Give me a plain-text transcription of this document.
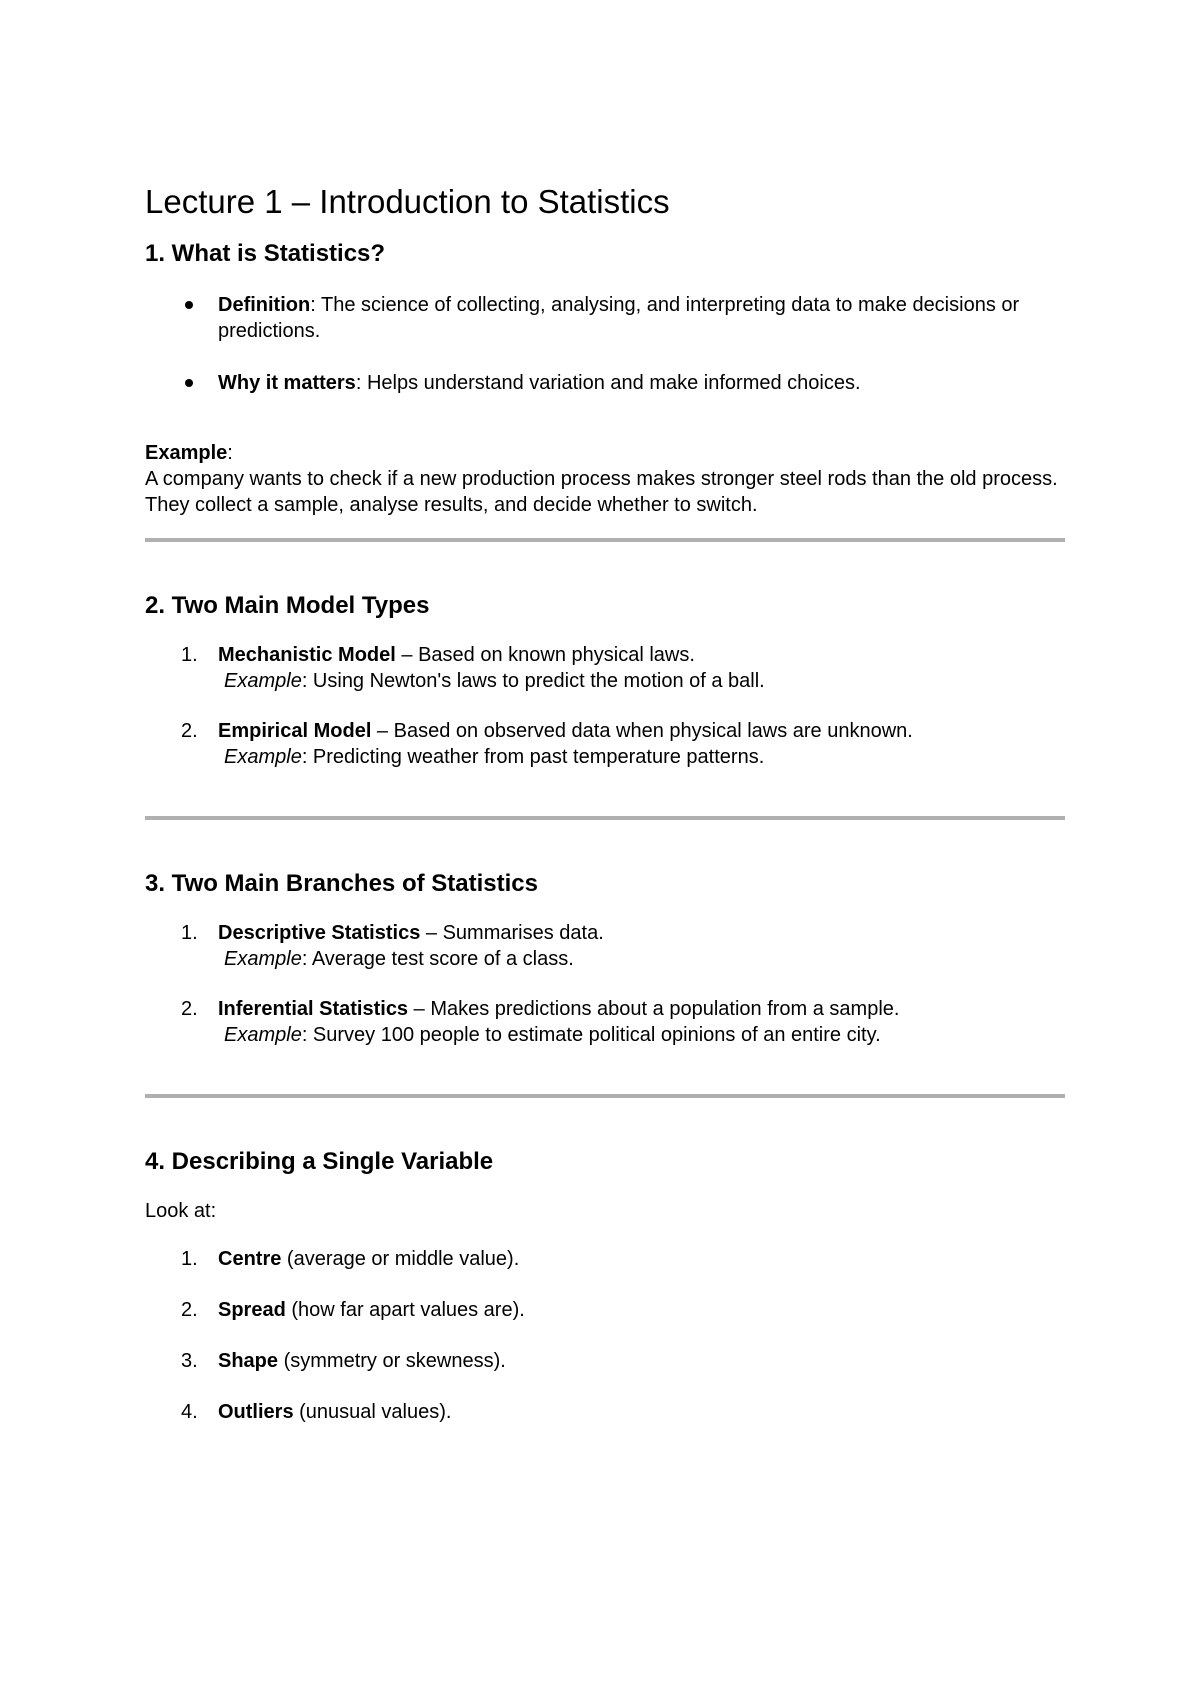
Lecture 1 – Introduction to Statistics
1. What is Statistics?
Definition: The science of collecting, analysing, and interpreting data to make decisions or predictions.
Why it matters: Helps understand variation and make informed choices.
Example:
A company wants to check if a new production process makes stronger steel rods than the old process. They collect a sample, analyse results, and decide whether to switch.
2. Two Main Model Types
1. Mechanistic Model – Based on known physical laws.
Example: Using Newton's laws to predict the motion of a ball.
2. Empirical Model – Based on observed data when physical laws are unknown.
Example: Predicting weather from past temperature patterns.
3. Two Main Branches of Statistics
1. Descriptive Statistics – Summarises data.
Example: Average test score of a class.
2. Inferential Statistics – Makes predictions about a population from a sample.
Example: Survey 100 people to estimate political opinions of an entire city.
4. Describing a Single Variable
Look at:
1. Centre (average or middle value).
2. Spread (how far apart values are).
3. Shape (symmetry or skewness).
4. Outliers (unusual values).
